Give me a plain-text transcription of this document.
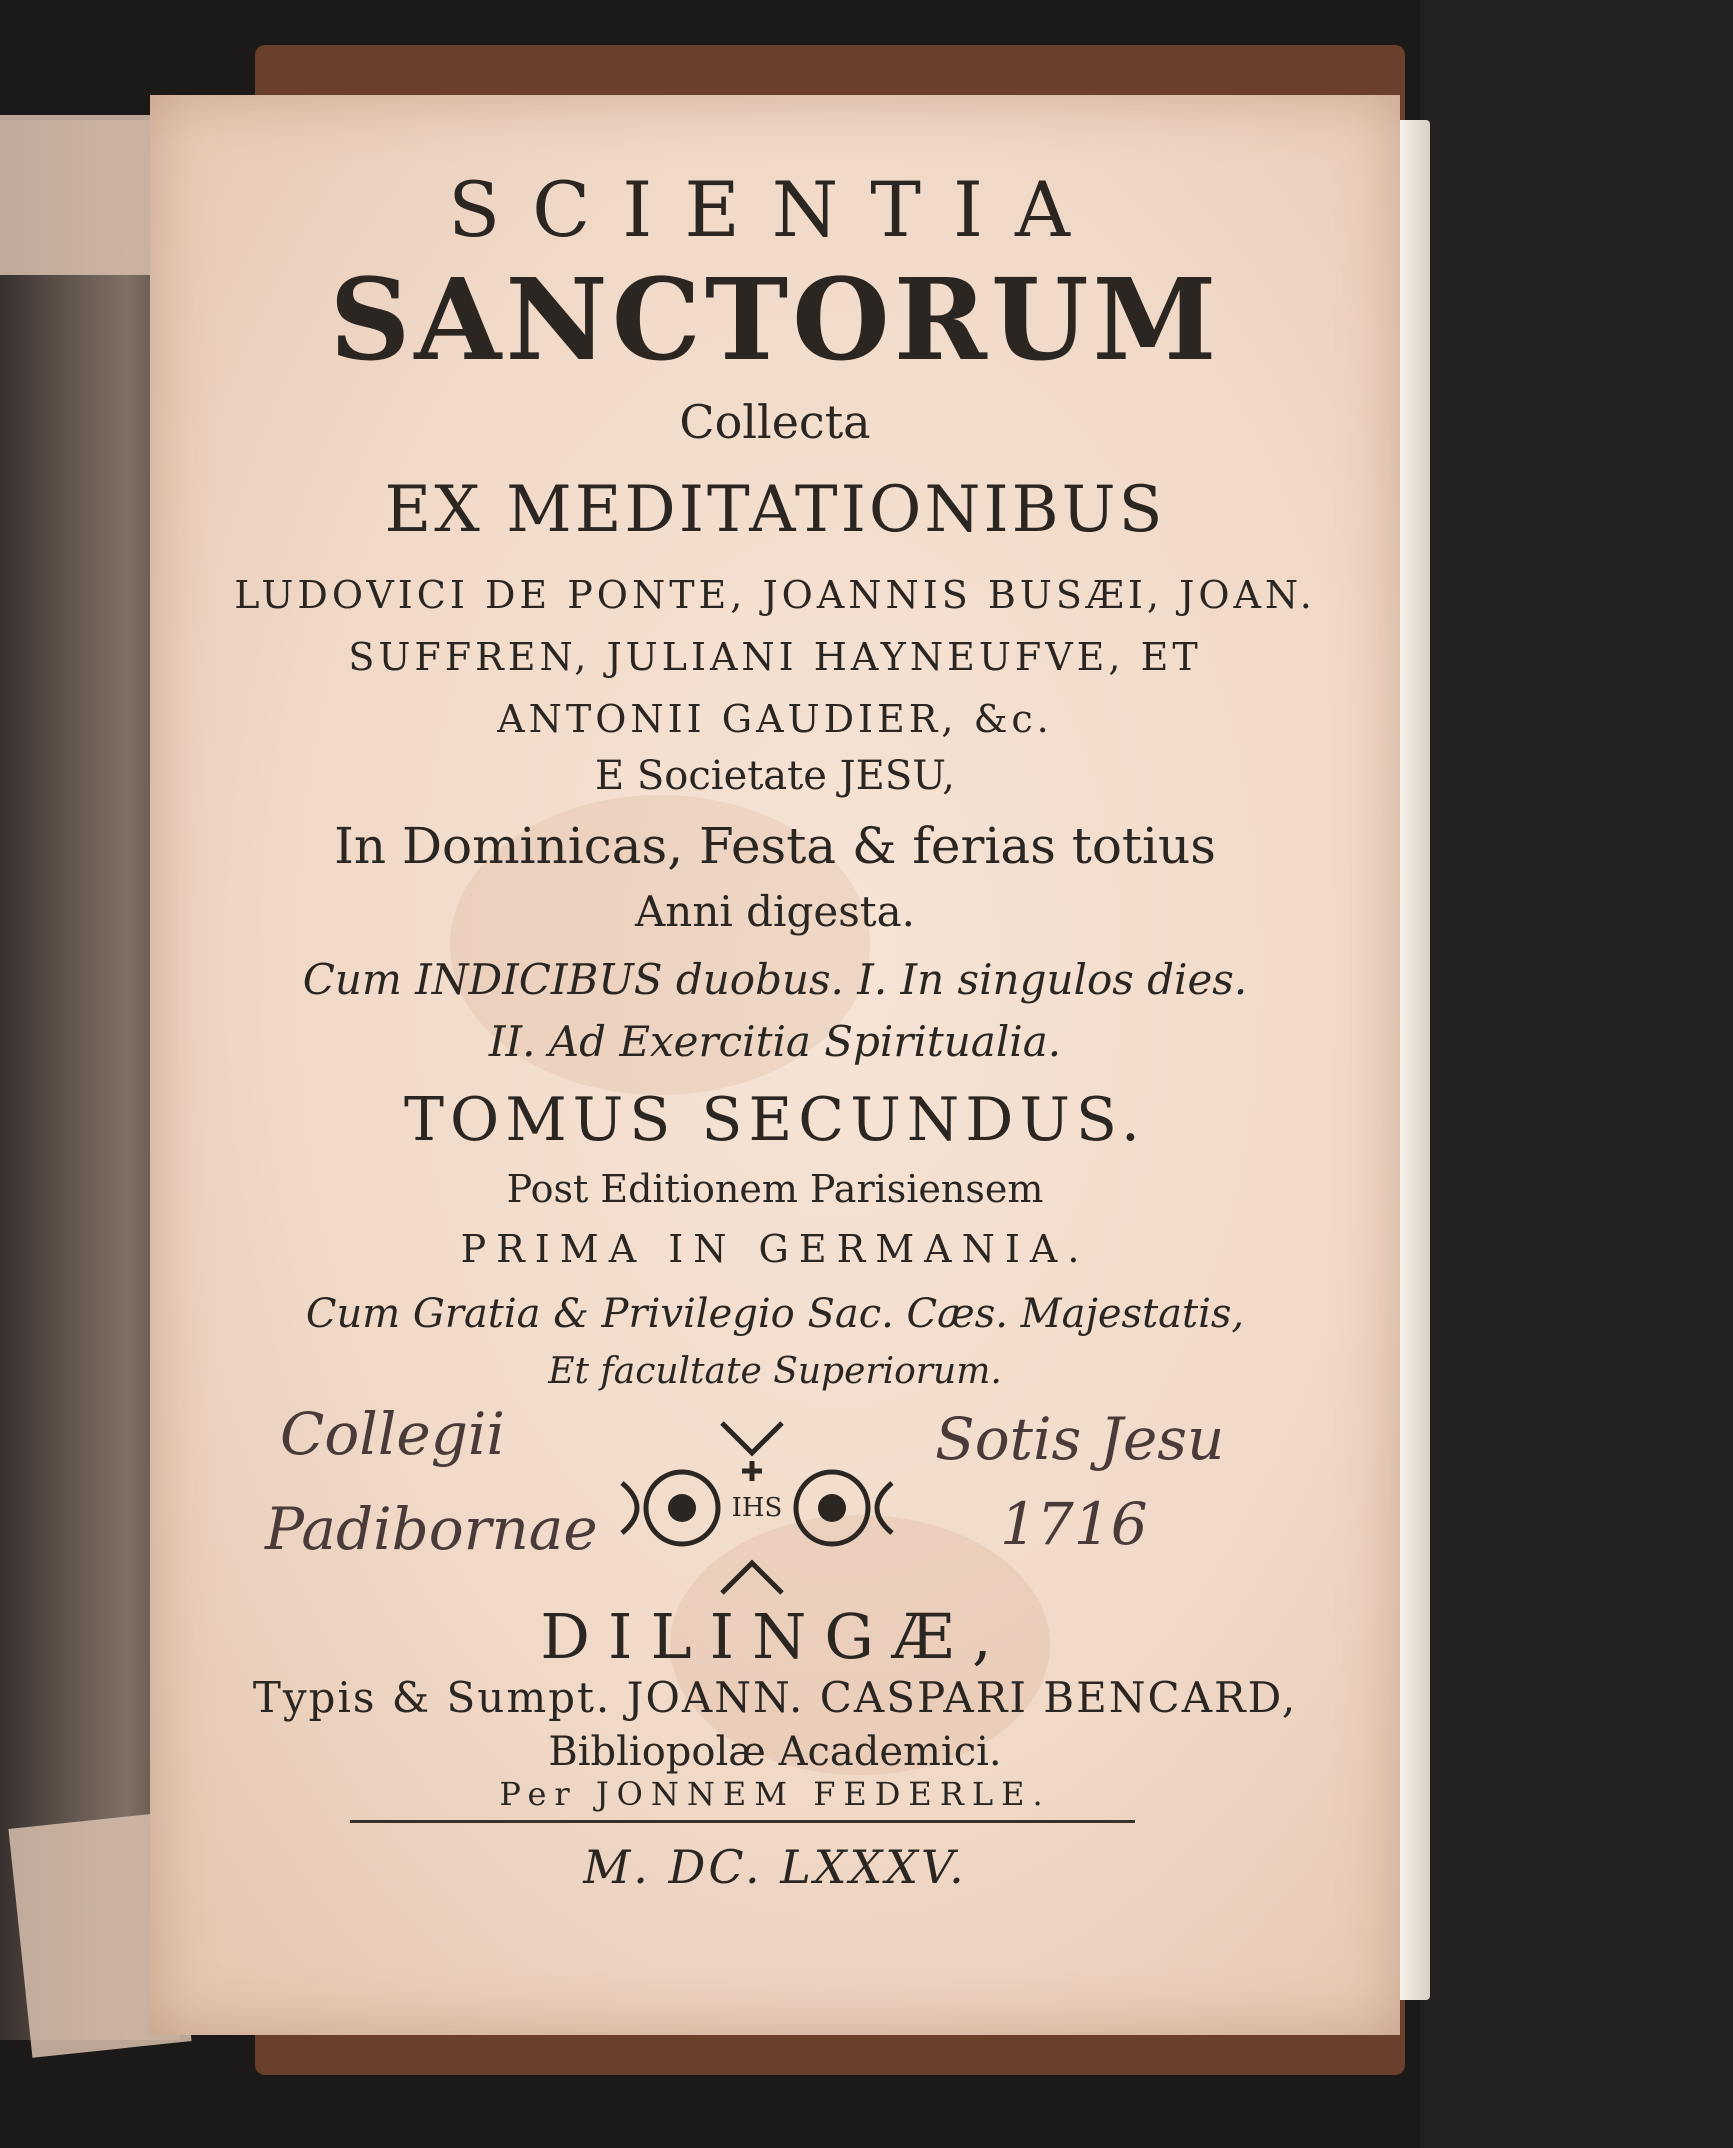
SCIENTIA

SANCTORUM

Collecta

EX MEDITATIONIBUS

LUDOVICI DE PONTE, JOANNIS BUSÆI, JOAN.

SUFFREN, JULIANI HAYNEUFVE, ET

ANTONII GAUDIER, &c.

E Societate JESU,

In Dominicas, Festa & ferias totius

Anni digesta.

Cum INDICIBUS duobus. I. In singulos dies.

II. Ad Exercitia Spiritualia.

TOMUS SECUNDUS.

Post Editionem Parisiensem

PRIMA IN GERMANIA.

Cum Gratia & Privilegio Sac. Cæs. Majestatis,

Et facultate Superiorum.

Collegii
Padibornae
Sotis Jesu
1716
IHS

DILINGÆ,

Typis & Sumpt. JOANN. CASPARI BENCARD,

Bibliopolæ Academici.

Per JONNEM FEDERLE.

M. DC. LXXXV.
